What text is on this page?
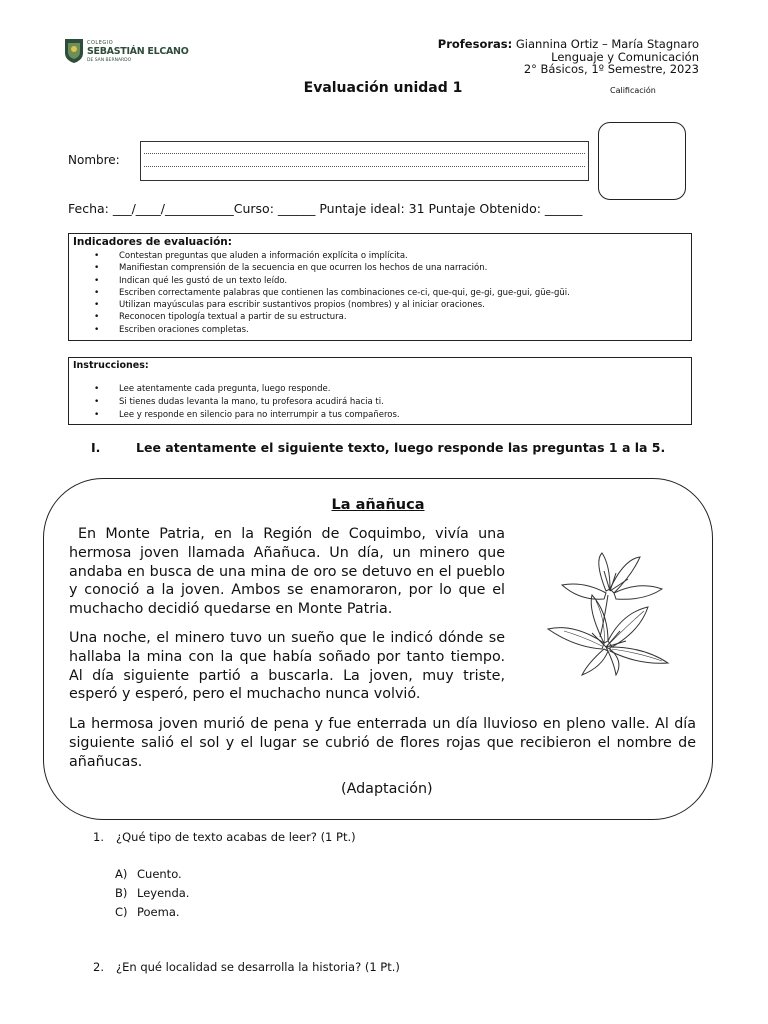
COLEGIO
SEBASTIÁN ELCANO
DE SAN BERNARDO
Profesoras: Giannina Ortiz – María Stagnaro
Lenguaje y Comunicación
2° Básicos, 1º Semestre, 2023
Evaluación unidad 1	Calificación
Nombre:
Fecha: ___/____/___________Curso: ______ Puntaje ideal: 31 Puntaje Obtenido: ______
Indicadores de evaluación:
• Contestan preguntas que aluden a información explícita o implícita.
• Manifiestan comprensión de la secuencia en que ocurren los hechos de una narración.
• Indican qué les gustó de un texto leído.
• Escriben correctamente palabras que contienen las combinaciones ce-ci, que-qui, ge-gi, gue-gui, güe-güi.
• Utilizan mayúsculas para escribir sustantivos propios (nombres) y al iniciar oraciones.
• Reconocen tipología textual a partir de su estructura.
• Escriben oraciones completas.
Instrucciones:
• Lee atentamente cada pregunta, luego responde.
• Si tienes dudas levanta la mano, tu profesora acudirá hacia ti.
• Lee y responde en silencio para no interrumpir a tus compañeros.
I.	Lee atentamente el siguiente texto, luego responde las preguntas 1 a la 5.
La añañuca

En Monte Patria, en la Región de Coquimbo, vivía una hermosa joven llamada Añañuca. Un día, un minero que andaba en busca de una mina de oro se detuvo en el pueblo y conoció a la joven. Ambos se enamoraron, por lo que el muchacho decidió quedarse en Monte Patria.

Una noche, el minero tuvo un sueño que le indicó dónde se hallaba la mina con la que había soñado por tanto tiempo. Al día siguiente partió a buscarla. La joven, muy triste, esperó y esperó, pero el muchacho nunca volvió.

La hermosa joven murió de pena y fue enterrada un día lluvioso en pleno valle. Al día siguiente salió el sol y el lugar se cubrió de flores rojas que recibieron el nombre de añañucas.

(Adaptación)
1. ¿Qué tipo de texto acabas de leer? (1 Pt.)
A) Cuento.
B) Leyenda.
C) Poema.
2. ¿En qué localidad se desarrolla la historia? (1 Pt.)
